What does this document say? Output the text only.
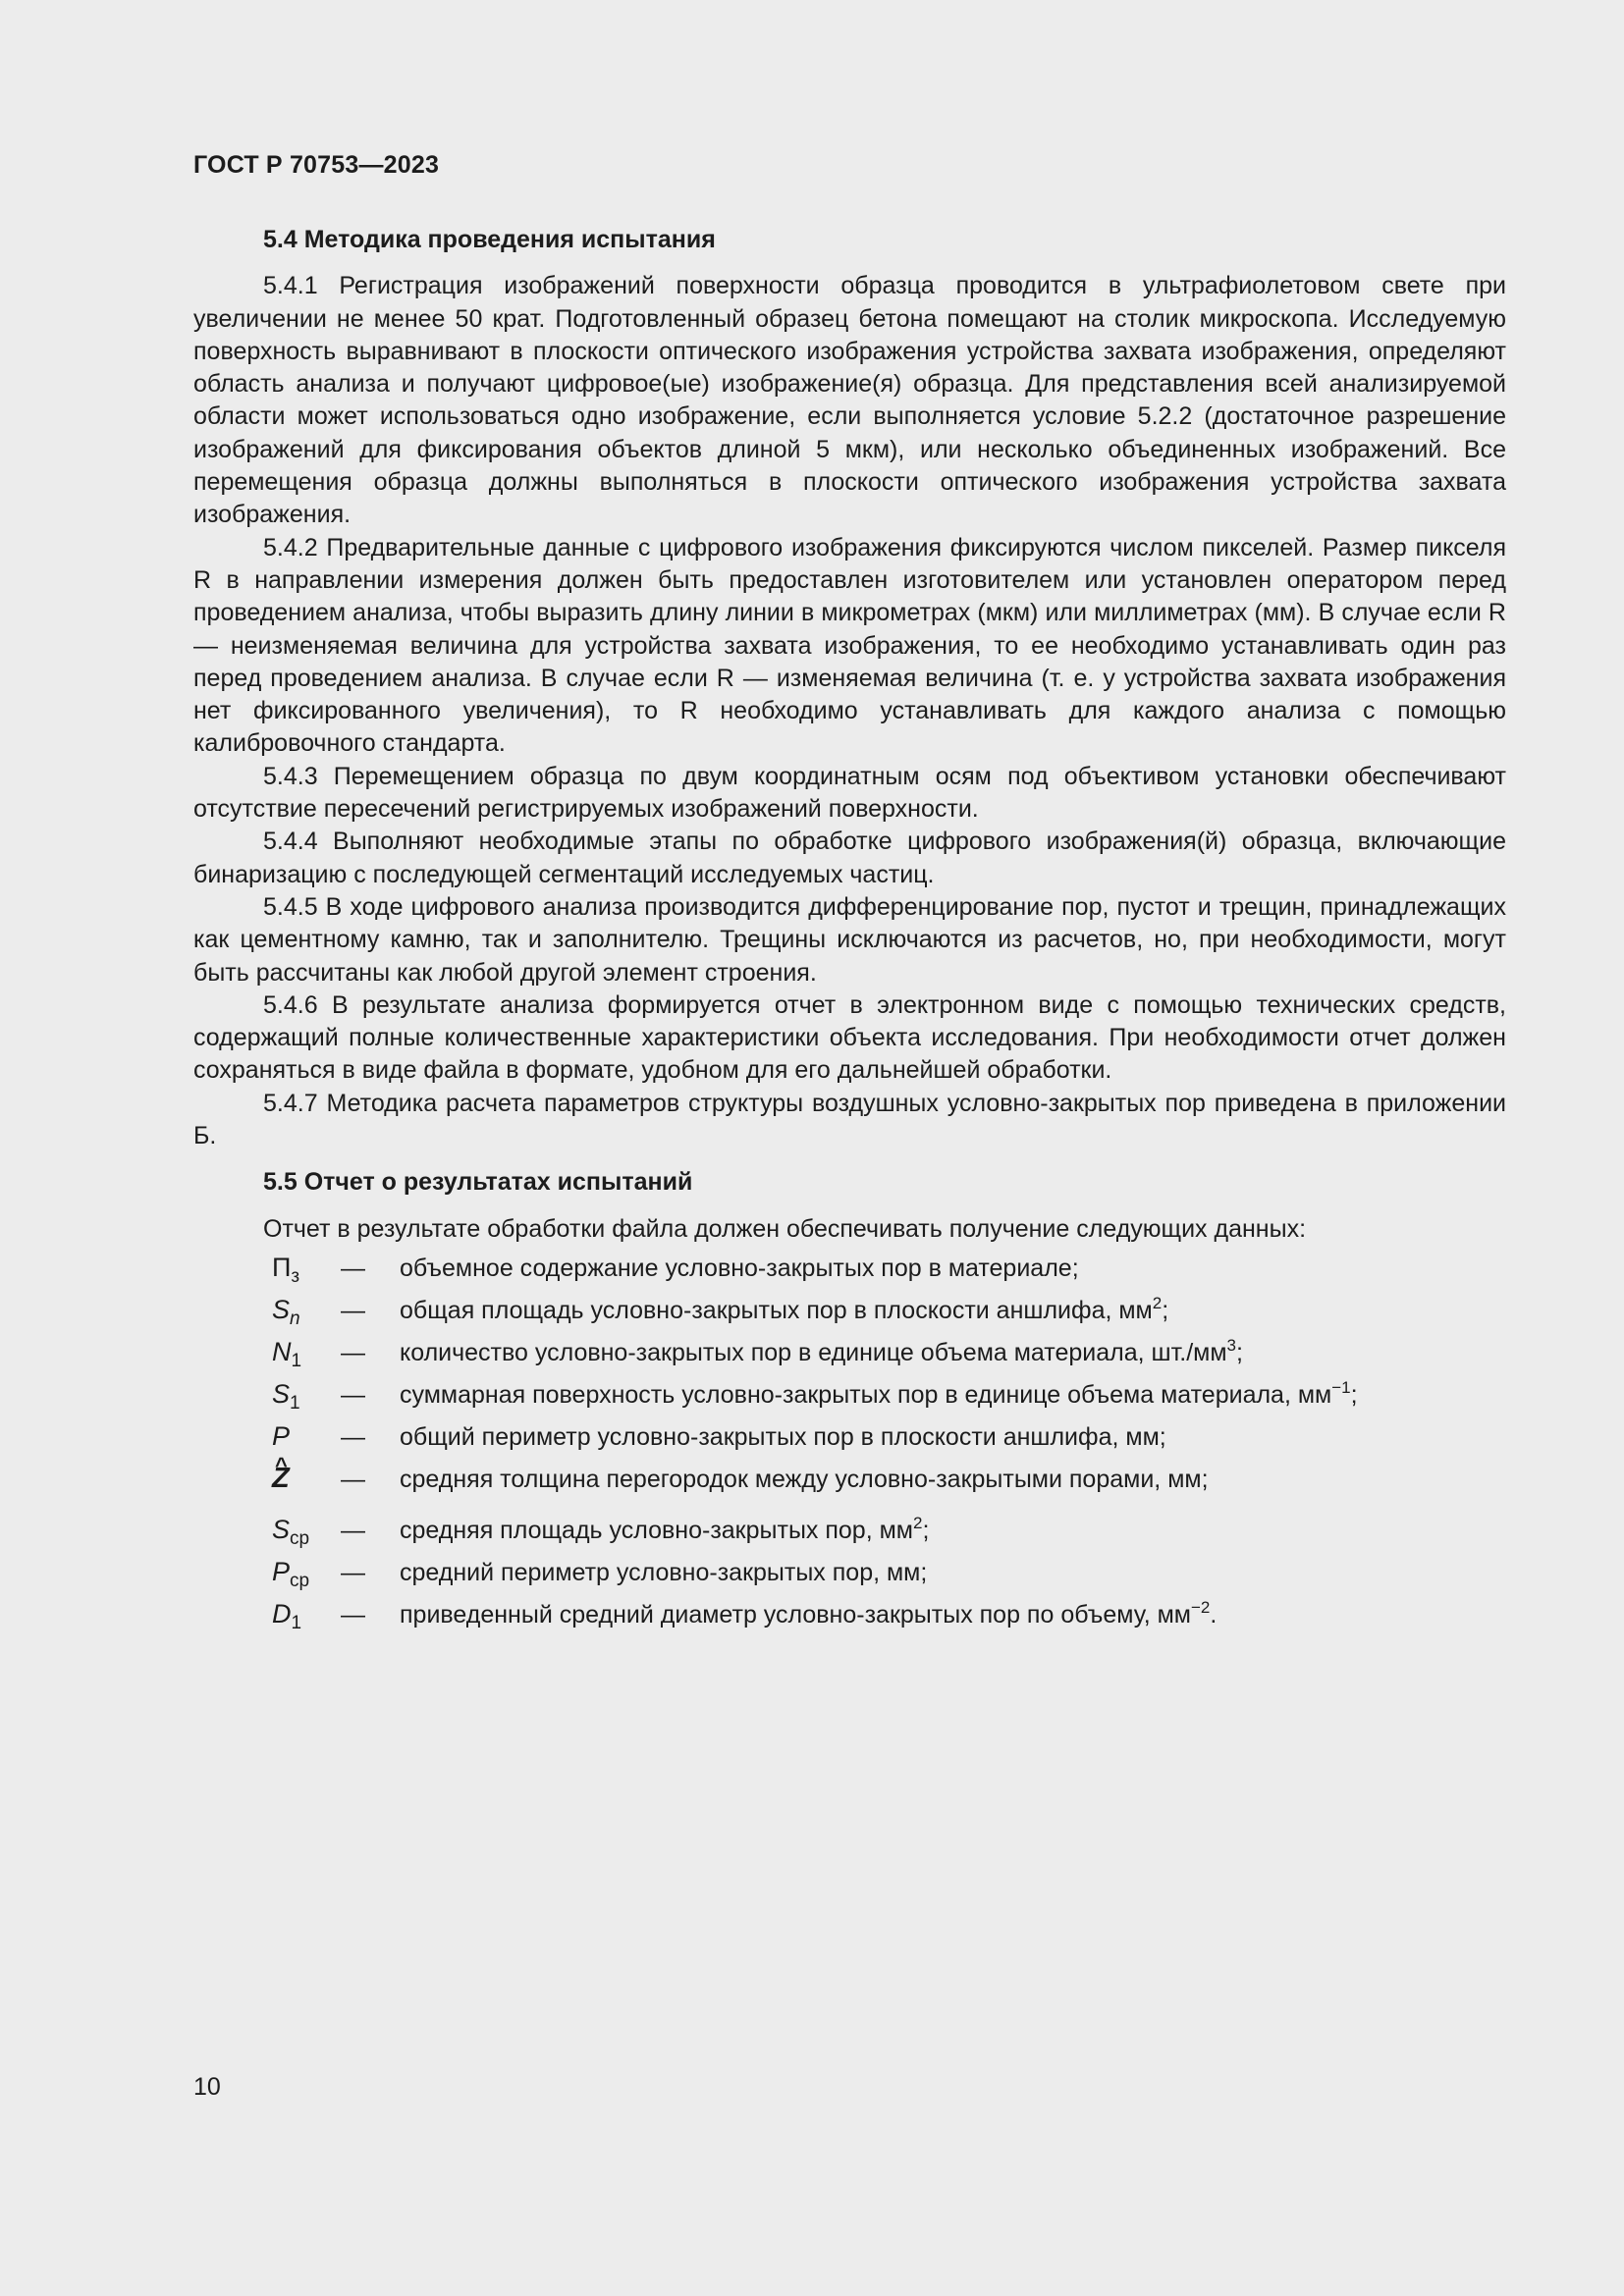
ГОСТ Р 70753—2023
5.4 Методика проведения испытания

5.4.1 Регистрация изображений поверхности образца проводится в ультрафиолетовом свете при увеличении не менее 50 крат. Подготовленный образец бетона помещают на столик микроскопа. Исследуемую поверхность выравнивают в плоскости оптического изображения устройства захвата изображения, определяют область анализа и получают цифровое(ые) изображение(я) образца. Для представления всей анализируемой области может использоваться одно изображение, если выполняется условие 5.2.2 (достаточное разрешение изображений для фиксирования объектов длиной 5 мкм), или несколько объединенных изображений. Все перемещения образца должны выполняться в плоскости оптического изображения устройства захвата изображения.

5.4.2 Предварительные данные с цифрового изображения фиксируются числом пикселей. Размер пикселя R в направлении измерения должен быть предоставлен изготовителем или установлен оператором перед проведением анализа, чтобы выразить длину линии в микрометрах (мкм) или миллиметрах (мм). В случае если R — неизменяемая величина для устройства захвата изображения, то ее необходимо устанавливать один раз перед проведением анализа. В случае если R — изменяемая величина (т. е. у устройства захвата изображения нет фиксированного увеличения), то R необходимо устанавливать для каждого анализа с помощью калибровочного стандарта.

5.4.3 Перемещением образца по двум координатным осям под объективом установки обеспечивают отсутствие пересечений регистрируемых изображений поверхности.

5.4.4 Выполняют необходимые этапы по обработке цифрового изображения(й) образца, включающие бинаризацию с последующей сегментаций исследуемых частиц.

5.4.5 В ходе цифрового анализа производится дифференцирование пор, пустот и трещин, принадлежащих как цементному камню, так и заполнителю. Трещины исключаются из расчетов, но, при необходимости, могут быть рассчитаны как любой другой элемент строения.

5.4.6 В результате анализа формируется отчет в электронном виде с помощью технических средств, содержащий полные количественные характеристики объекта исследования. При необходимости отчет должен сохраняться в виде файла в формате, удобном для его дальнейшей обработки.

5.4.7 Методика расчета параметров структуры воздушных условно-закрытых пор приведена в приложении Б.

5.5 Отчет о результатах испытаний

Отчет в результате обработки файла должен обеспечивать получение следующих данных:

$П_з$	—	объемное содержание условно-закрытых пор в материале;
$S_n$	—	общая площадь условно-закрытых пор в плоскости аншлифа, $мм^2$;
$N_1$	—	количество условно-закрытых пор в единице объема материала, $шт./мм^3$;
$S_1$	—	суммарная поверхность условно-закрытых пор в единице объема материала, $мм^{-1}$;
P	—	общий периметр условно-закрытых пор в плоскости аншлифа, мм;
^ Z	—	средняя толщина перегородок между условно-закрытыми порами, мм;
$S_{ср}$	—	средняя площадь условно-закрытых пор, $мм^2$;
$P_{ср}$	—	средний периметр условно-закрытых пор, мм;
$D_1$	—	приведенный средний диаметр условно-закрытых пор по объему, $мм^{-2}$.
10
